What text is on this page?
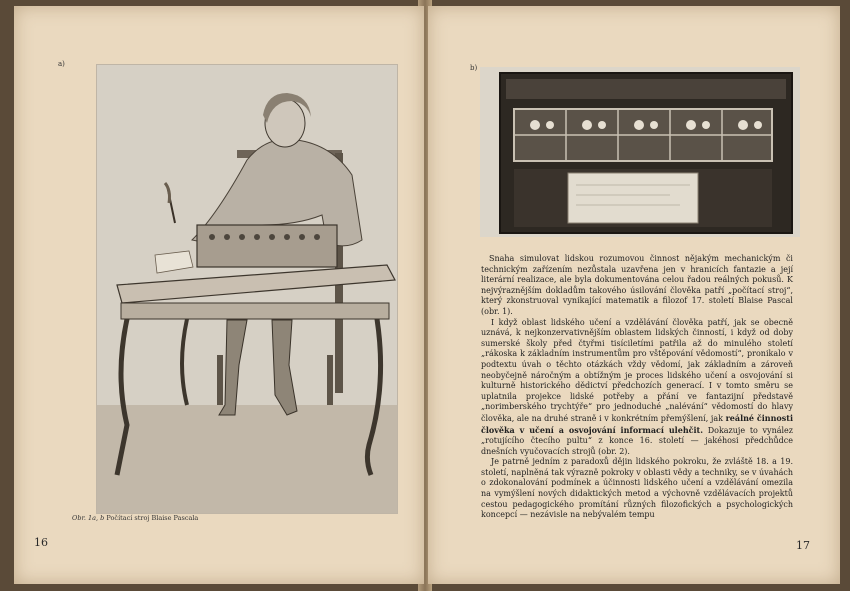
a)
Obr. 1a, b Počítací stroj Blaise Pascala
16
b)
17

Snaha simulovat lidskou rozumovou činnost nějakým mechanickým či technickým zařízením nezůstala uzavřena jen v hranicích fantazie a její literární realizace, ale byla dokumentována celou řadou reálných pokusů. K nejvýraznějším dokladům takového úsilování člověka patří „počítací stroj“, který zkonstruoval vynikající matematik a filozof 17. století Blaise Pascal (obr. 1).

I když oblast lidského učení a vzdělávání člověka patří, jak se obecně uznává, k nejkonzervativnějším oblastem lidských činností, i když od doby sumerské školy před čtyřmi tisíciletími patřila až do minulého století „rákoska k základním instrumentům pro vštěpování vědomostí“, pronikalo v podtextu úvah o těchto otázkách vždy vědomí, jak základním a zároveň neobyčejně náročným a obtížným je proces lidského učení a osvojování si kulturně historického dědictví předchozích generací. I v tomto směru se uplatnila projekce lidské potřeby a přání ve fantazijní představě „norimberského trychtýře“ pro jednoduché „nalévání“ vědomostí do hlavy člověka, ale na druhé straně i v konkrétním přemýšlení, jak reálné činnosti člověka v učení a osvojování informací ulehčit. Dokazuje to vynález „rotujícího čtecího pultu“ z konce 16. století — jakéhosi předchůdce dnešních vyučovacích strojů (obr. 2).

Je patrně jedním z paradoxů dějin lidského pokroku, že zvláště 18. a 19. století, naplněná tak výrazně pokroky v oblasti vědy a techniky, se v úvahách o zdokonalování podmínek a účinnosti lidského učení a vzdělávání omezila na vymýšlení nových didaktických metod a výchovně vzdělávacích projektů cestou pedagogického promítání různých filozofických a psychologických koncepcí — nezávisle na nebývalém tempu
